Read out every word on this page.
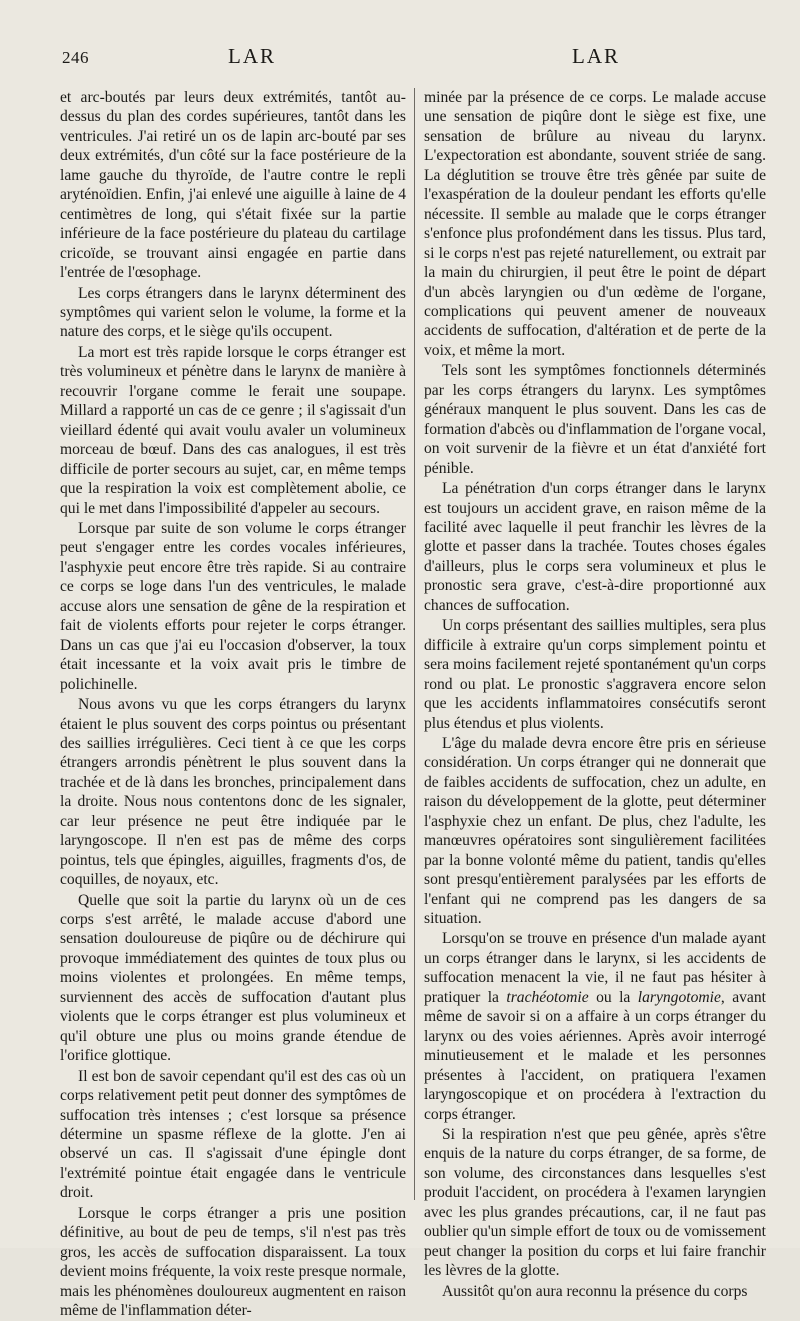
246	LAR	LAR

et arc-boutés par leurs deux extrémités, tantôt au-dessus du plan des cordes supérieures, tantôt dans les ventricules. J'ai retiré un os de lapin arc-bouté par ses deux extrémités, d'un côté sur la face postérieure de la lame gauche du thyroïde, de l'autre contre le repli aryténoïdien. Enfin, j'ai enlevé une aiguille à laine de 4 centimètres de long, qui s'était fixée sur la partie inférieure de la face postérieure du plateau du cartilage cricoïde, se trouvant ainsi engagée en partie dans l'entrée de l'œsophage.

Les corps étrangers dans le larynx déterminent des symptômes qui varient selon le volume, la forme et la nature des corps, et le siège qu'ils occupent.

La mort est très rapide lorsque le corps étranger est très volumineux et pénètre dans le larynx de manière à recouvrir l'organe comme le ferait une soupape. Millard a rapporté un cas de ce genre ; il s'agissait d'un vieillard édenté qui avait voulu avaler un volumineux morceau de bœuf. Dans des cas analogues, il est très difficile de porter secours au sujet, car, en même temps que la respiration la voix est complètement abolie, ce qui le met dans l'impossibilité d'appeler au secours.

Lorsque par suite de son volume le corps étranger peut s'engager entre les cordes vocales inférieures, l'asphyxie peut encore être très rapide. Si au contraire ce corps se loge dans l'un des ventricules, le malade accuse alors une sensation de gêne de la respiration et fait de violents efforts pour rejeter le corps étranger. Dans un cas que j'ai eu l'occasion d'observer, la toux était incessante et la voix avait pris le timbre de polichinelle.

Nous avons vu que les corps étrangers du larynx étaient le plus souvent des corps pointus ou présentant des saillies irrégulières. Ceci tient à ce que les corps étrangers arrondis pénètrent le plus souvent dans la trachée et de là dans les bronches, principalement dans la droite. Nous nous contentons donc de les signaler, car leur présence ne peut être indiquée par le laryngoscope. Il n'en est pas de même des corps pointus, tels que épingles, aiguilles, fragments d'os, de coquilles, de noyaux, etc.

Quelle que soit la partie du larynx où un de ces corps s'est arrêté, le malade accuse d'abord une sensation douloureuse de piqûre ou de déchirure qui provoque immédiatement des quintes de toux plus ou moins violentes et prolongées. En même temps, surviennent des accès de suffocation d'autant plus violents que le corps étranger est plus volumineux et qu'il obture une plus ou moins grande étendue de l'orifice glottique.

Il est bon de savoir cependant qu'il est des cas où un corps relativement petit peut donner des symptômes de suffocation très intenses ; c'est lorsque sa présence détermine un spasme réflexe de la glotte. J'en ai observé un cas. Il s'agissait d'une épingle dont l'extrémité pointue était engagée dans le ventricule droit.

Lorsque le corps étranger a pris une position définitive, au bout de peu de temps, s'il n'est pas très gros, les accès de suffocation disparaissent. La toux devient moins fréquente, la voix reste presque normale, mais les phénomènes douloureux augmentent en raison même de l'inflammation déter-

minée par la présence de ce corps. Le malade accuse une sensation de piqûre dont le siège est fixe, une sensation de brûlure au niveau du larynx. L'expectoration est abondante, souvent striée de sang. La déglutition se trouve être très gênée par suite de l'exaspération de la douleur pendant les efforts qu'elle nécessite. Il semble au malade que le corps étranger s'enfonce plus profondément dans les tissus. Plus tard, si le corps n'est pas rejeté naturellement, ou extrait par la main du chirurgien, il peut être le point de départ d'un abcès laryngien ou d'un œdème de l'organe, complications qui peuvent amener de nouveaux accidents de suffocation, d'altération et de perte de la voix, et même la mort.

Tels sont les symptômes fonctionnels déterminés par les corps étrangers du larynx. Les symptômes généraux manquent le plus souvent. Dans les cas de formation d'abcès ou d'inflammation de l'organe vocal, on voit survenir de la fièvre et un état d'anxiété fort pénible.

La pénétration d'un corps étranger dans le larynx est toujours un accident grave, en raison même de la facilité avec laquelle il peut franchir les lèvres de la glotte et passer dans la trachée. Toutes choses égales d'ailleurs, plus le corps sera volumineux et plus le pronostic sera grave, c'est-à-dire proportionné aux chances de suffocation.

Un corps présentant des saillies multiples, sera plus difficile à extraire qu'un corps simplement pointu et sera moins facilement rejeté spontanément qu'un corps rond ou plat. Le pronostic s'aggravera encore selon que les accidents inflammatoires consécutifs seront plus étendus et plus violents.

L'âge du malade devra encore être pris en sérieuse considération. Un corps étranger qui ne donnerait que de faibles accidents de suffocation, chez un adulte, en raison du développement de la glotte, peut déterminer l'asphyxie chez un enfant. De plus, chez l'adulte, les manœuvres opératoires sont singulièrement facilitées par la bonne volonté même du patient, tandis qu'elles sont presqu'entièrement paralysées par les efforts de l'enfant qui ne comprend pas les dangers de sa situation.

Lorsqu'on se trouve en présence d'un malade ayant un corps étranger dans le larynx, si les accidents de suffocation menacent la vie, il ne faut pas hésiter à pratiquer la trachéotomie ou la laryngotomie, avant même de savoir si on a affaire à un corps étranger du larynx ou des voies aériennes. Après avoir interrogé minutieusement et le malade et les personnes présentes à l'accident, on pratiquera l'examen laryngoscopique et on procédera à l'extraction du corps étranger.

Si la respiration n'est que peu gênée, après s'être enquis de la nature du corps étranger, de sa forme, de son volume, des circonstances dans lesquelles s'est produit l'accident, on procédera à l'examen laryngien avec les plus grandes précautions, car, il ne faut pas oublier qu'un simple effort de toux ou de vomissement peut changer la position du corps et lui faire franchir les lèvres de la glotte.

Aussitôt qu'on aura reconnu la présence du corps
